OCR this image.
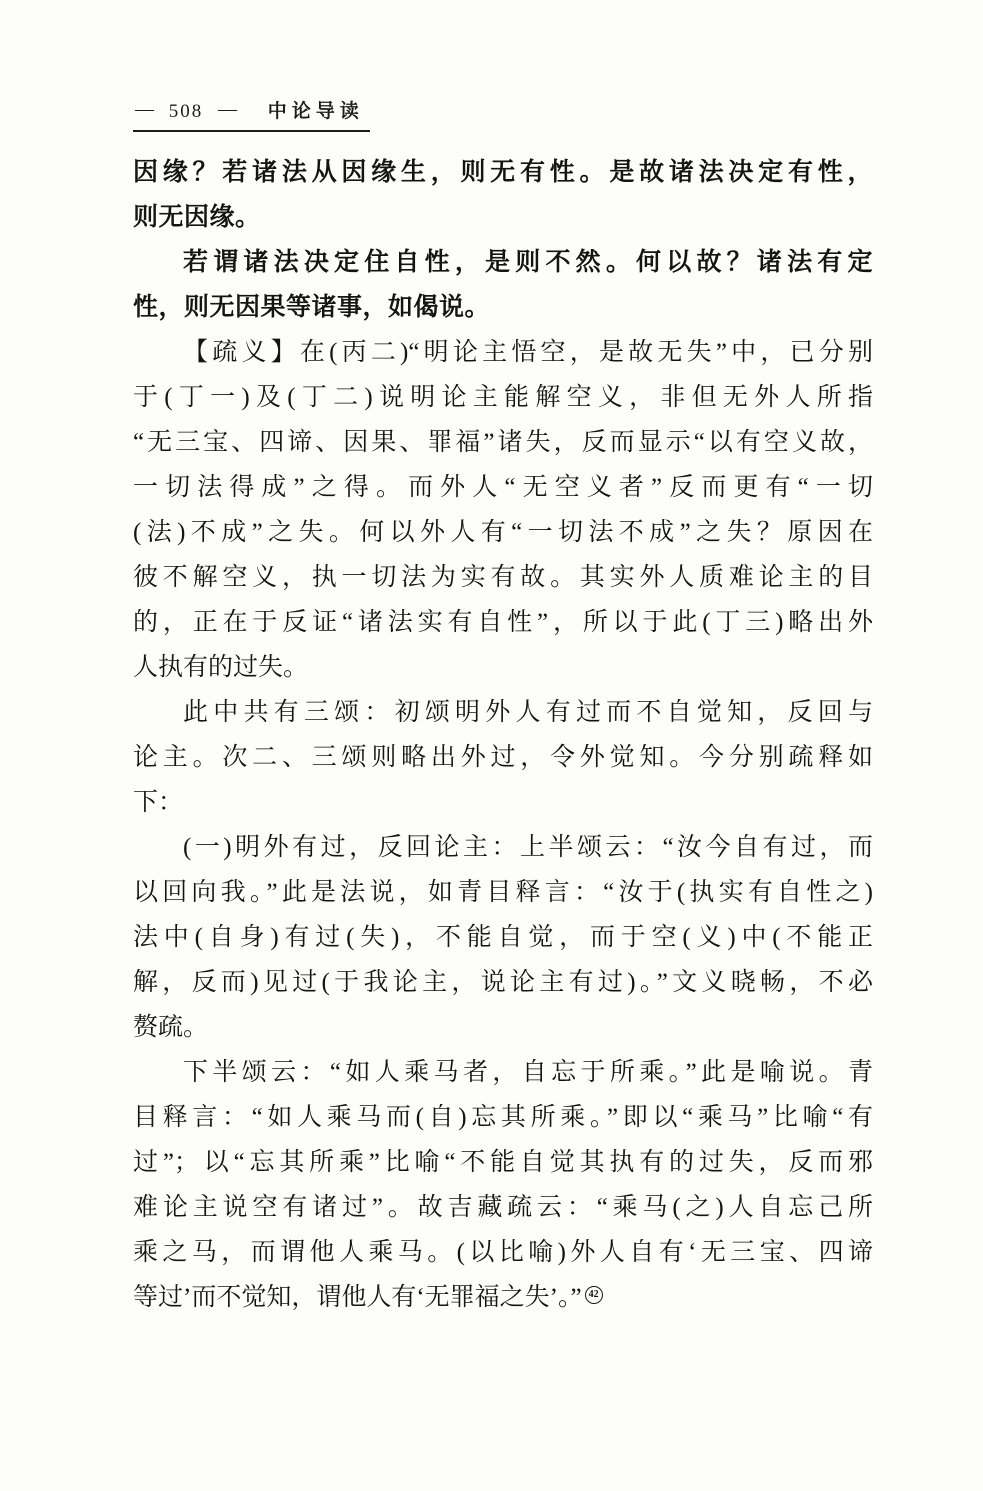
— 508 — 中论导读
因缘？若诸法从因缘生，则无有性。是故诸法决定有性，
则无因缘。
若谓诸法决定住自性，是则不然。何以故？诸法有定
性，则无因果等诸事，如偈说。
【疏义】在(丙二)“明论主悟空，是故无失”中，已分别
于(丁一)及(丁二)说明论主能解空义，非但无外人所指
“无三宝、四谛、因果、罪福”诸失，反而显示“以有空义故，
一切法得成”之得。而外人“无空义者”反而更有“一切
(法)不成”之失。何以外人有“一切法不成”之失？原因在
彼不解空义，执一切法为实有故。其实外人质难论主的目
的，正在于反证“诸法实有自性”，所以于此(丁三)略出外
人执有的过失。
此中共有三颂：初颂明外人有过而不自觉知，反回与
论主。次二、三颂则略出外过，令外觉知。今分别疏释如
下：
(一)明外有过，反回论主：上半颂云：“汝今自有过，而
以回向我。”此是法说，如青目释言：“汝于(执实有自性之)
法中(自身)有过(失)，不能自觉，而于空(义)中(不能正
解，反而)见过(于我论主，说论主有过)。”文义晓畅，不必
赘疏。
下半颂云：“如人乘马者，自忘于所乘。”此是喻说。青
目释言：“如人乘马而(自)忘其所乘。”即以“乘马”比喻“有
过”；以“忘其所乘”比喻“不能自觉其执有的过失，反而邪
难论主说空有诸过”。故吉藏疏云：“乘马(之)人自忘己所
乘之马，而谓他人乘马。(以比喻)外人自有‘无三宝、四谛
等过’而不觉知，谓他人有‘无罪福之失’。” 42
